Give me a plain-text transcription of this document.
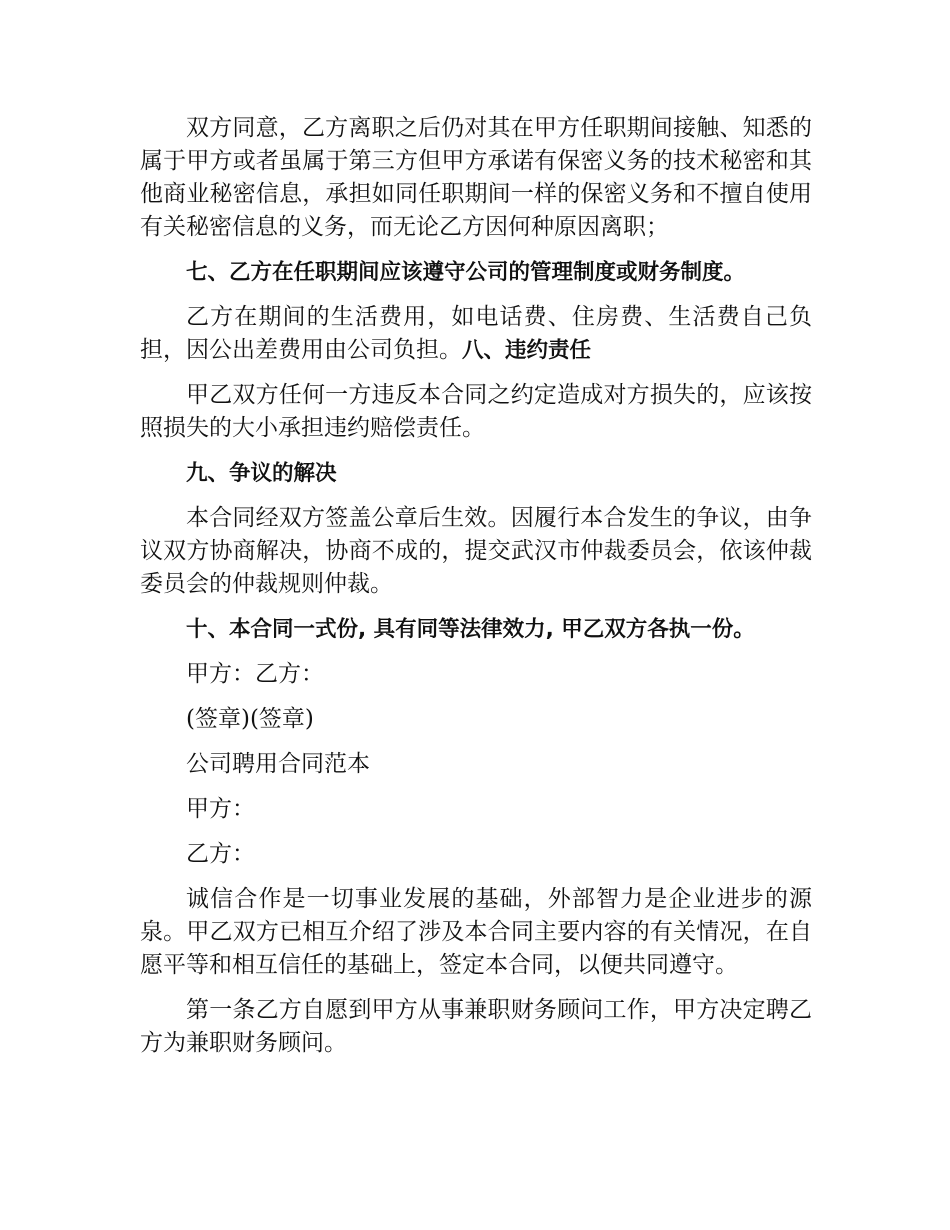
双方同意，乙方离职之后仍对其在甲方任职期间接触、知悉的属于甲方或者虽属于第三方但甲方承诺有保密义务的技术秘密和其他商业秘密信息，承担如同任职期间一样的保密义务和不擅自使用有关秘密信息的义务，而无论乙方因何种原因离职；

七、乙方在任职期间应该遵守公司的管理制度或财务制度。

乙方在期间的生活费用，如电话费、住房费、生活费自己负担，因公出差费用由公司负担。八、违约责任

甲乙双方任何一方违反本合同之约定造成对方损失的，应该按照损失的大小承担违约赔偿责任。

九、争议的解决

本合同经双方签盖公章后生效。因履行本合发生的争议，由争议双方协商解决，协商不成的，提交武汉市仲裁委员会，依该仲裁委员会的仲裁规则仲裁。

十、本合同一式份, 具有同等法律效力, 甲乙双方各执一份。

甲方：乙方：

(签章)(签章)

公司聘用合同范本

甲方：

乙方：

诚信合作是一切事业发展的基础，外部智力是企业进步的源泉。甲乙双方已相互介绍了涉及本合同主要内容的有关情况，在自愿平等和相互信任的基础上，签定本合同，以便共同遵守。

第一条乙方自愿到甲方从事兼职财务顾问工作，甲方决定聘乙方为兼职财务顾问。
